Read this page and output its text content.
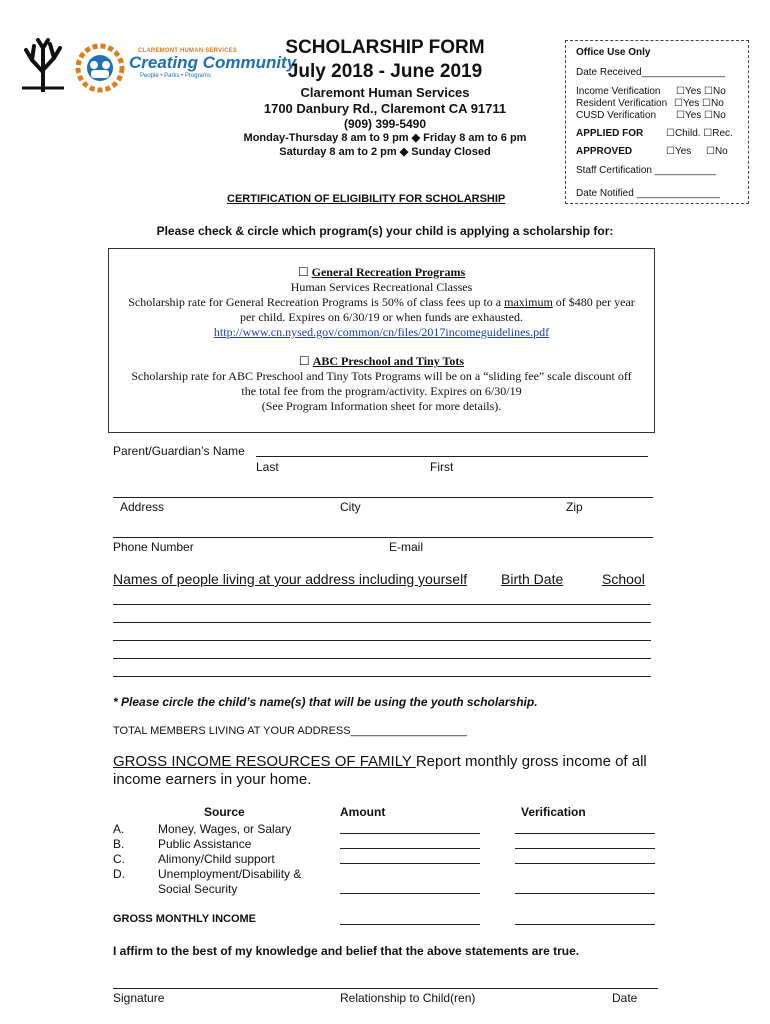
CLAREMONT HUMAN SERVICES
Creating Community
People • Parks • Programs
SCHOLARSHIP FORM
July 2018 - June 2019
Claremont Human Services
1700 Danbury Rd., Claremont CA 91711
(909) 399-5490
Monday-Thursday 8 am to 9 pm ◆ Friday 8 am to 6 pm
Saturday 8 am to 2 pm ◆ Sunday Closed
Office Use Only
Date Received_______________
Income Verification ☐Yes ☐No
Resident Verification ☐Yes ☐No
CUSD Verification ☐Yes ☐No
APPLIED FOR ☐Child. ☐Rec.
APPROVED	☐Yes ☐No
Staff Certification ___________
Date Notified _______________
CERTIFICATION OF ELIGIBILITY FOR SCHOLARSHIP
Please check & circle which program(s) your child is applying a scholarship for:
☐ General Recreation Programs
Human Services Recreational Classes
Scholarship rate for General Recreation Programs is 50% of class fees up to a maximum of $480 per year
per child. Expires on 6/30/19 or when funds are exhausted.
http://www.cn.nysed.gov/common/cn/files/2017incomeguidelines.pdf
☐ ABC Preschool and Tiny Tots
Scholarship rate for ABC Preschool and Tiny Tots Programs will be on a “sliding fee” scale discount off
the total fee from the program/activity. Expires on 6/30/19
(See Program Information sheet for more details).
Parent/Guardian’s Name
Last	First
Address	City	Zip
Phone Number	E-mail
Names of people living at your address including yourself Birth Date	School
* Please circle the child’s name(s) that will be using the youth scholarship.
TOTAL MEMBERS LIVING AT YOUR ADDRESS___________________
GROSS INCOME RESOURCES OF FAMILY Report monthly gross income of all
income earners in your home.
Source	Amount	Verification
A.	Money, Wages, or Salary
B.	Public Assistance
C.	Alimony/Child support
D.	Unemployment/Disability &
Social Security
GROSS MONTHLY INCOME
I affirm to the best of my knowledge and belief that the above statements are true.
Signature	Relationship to Child(ren)	Date
